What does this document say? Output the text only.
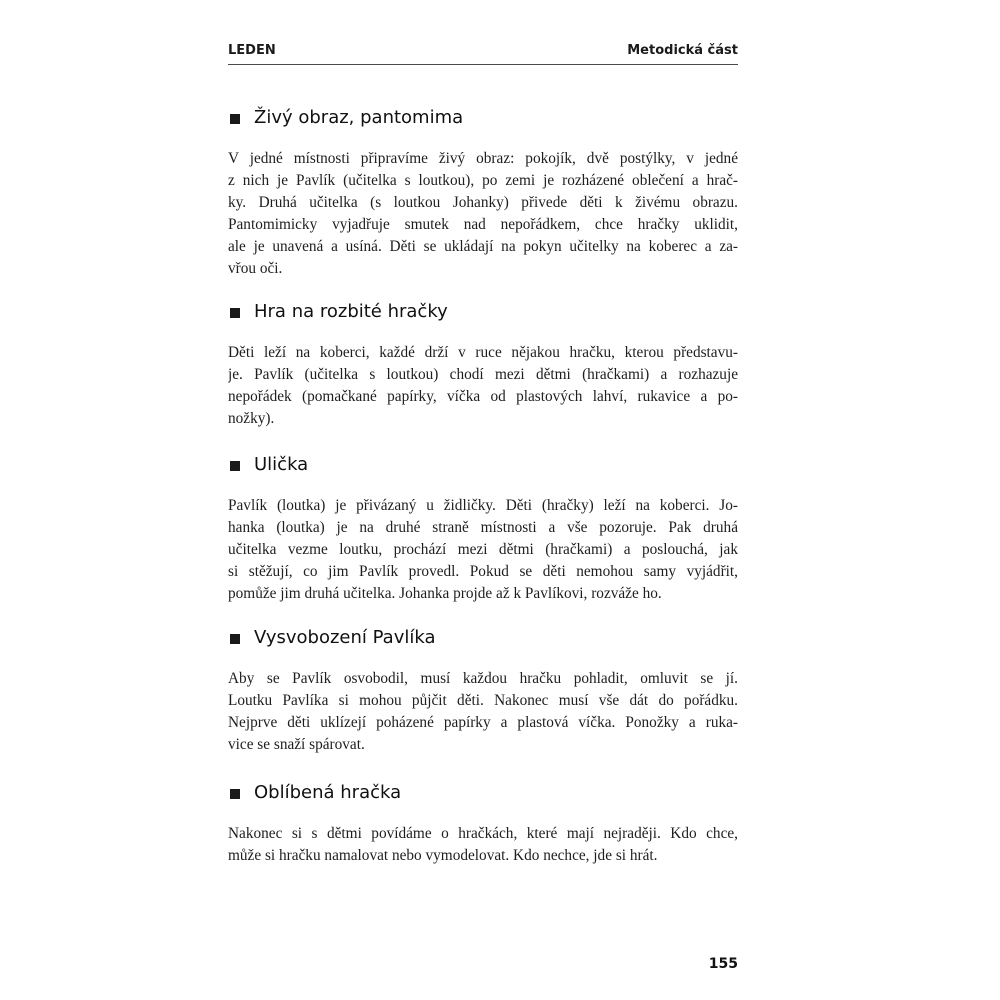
LEDEN	Metodická část
Živý obraz, pantomima
V jedné místnosti připravíme živý obraz: pokojík, dvě postýlky, v jedné
z nich je Pavlík (učitelka s loutkou), po zemi je rozházené oblečení a hrač-
ky. Druhá učitelka (s loutkou Johanky) přivede děti k živému obrazu.
Pantomimicky vyjadřuje smutek nad nepořádkem, chce hračky uklidit,
ale je unavená a usíná. Děti se ukládají na pokyn učitelky na koberec a za-
vřou oči.
Hra na rozbité hračky
Děti leží na koberci, každé drží v ruce nějakou hračku, kterou představu-
je. Pavlík (učitelka s loutkou) chodí mezi dětmi (hračkami) a rozhazuje
nepořádek (pomačkané papírky, víčka od plastových lahví, rukavice a po-
nožky).
Ulička
Pavlík (loutka) je přivázaný u židličky. Děti (hračky) leží na koberci. Jo-
hanka (loutka) je na druhé straně místnosti a vše pozoruje. Pak druhá
učitelka vezme loutku, prochází mezi dětmi (hračkami) a poslouchá, jak
si stěžují, co jim Pavlík provedl. Pokud se děti nemohou samy vyjádřit,
pomůže jim druhá učitelka. Johanka projde až k Pavlíkovi, rozváže ho.
Vysvobození Pavlíka
Aby se Pavlík osvobodil, musí každou hračku pohladit, omluvit se jí.
Loutku Pavlíka si mohou půjčit děti. Nakonec musí vše dát do pořádku.
Nejprve děti uklízejí poházené papírky a plastová víčka. Ponožky a ruka-
vice se snaží spárovat.
Oblíbená hračka
Nakonec si s dětmi povídáme o hračkách, které mají nejraději. Kdo chce,
může si hračku namalovat nebo vymodelovat. Kdo nechce, jde si hrát.
155
